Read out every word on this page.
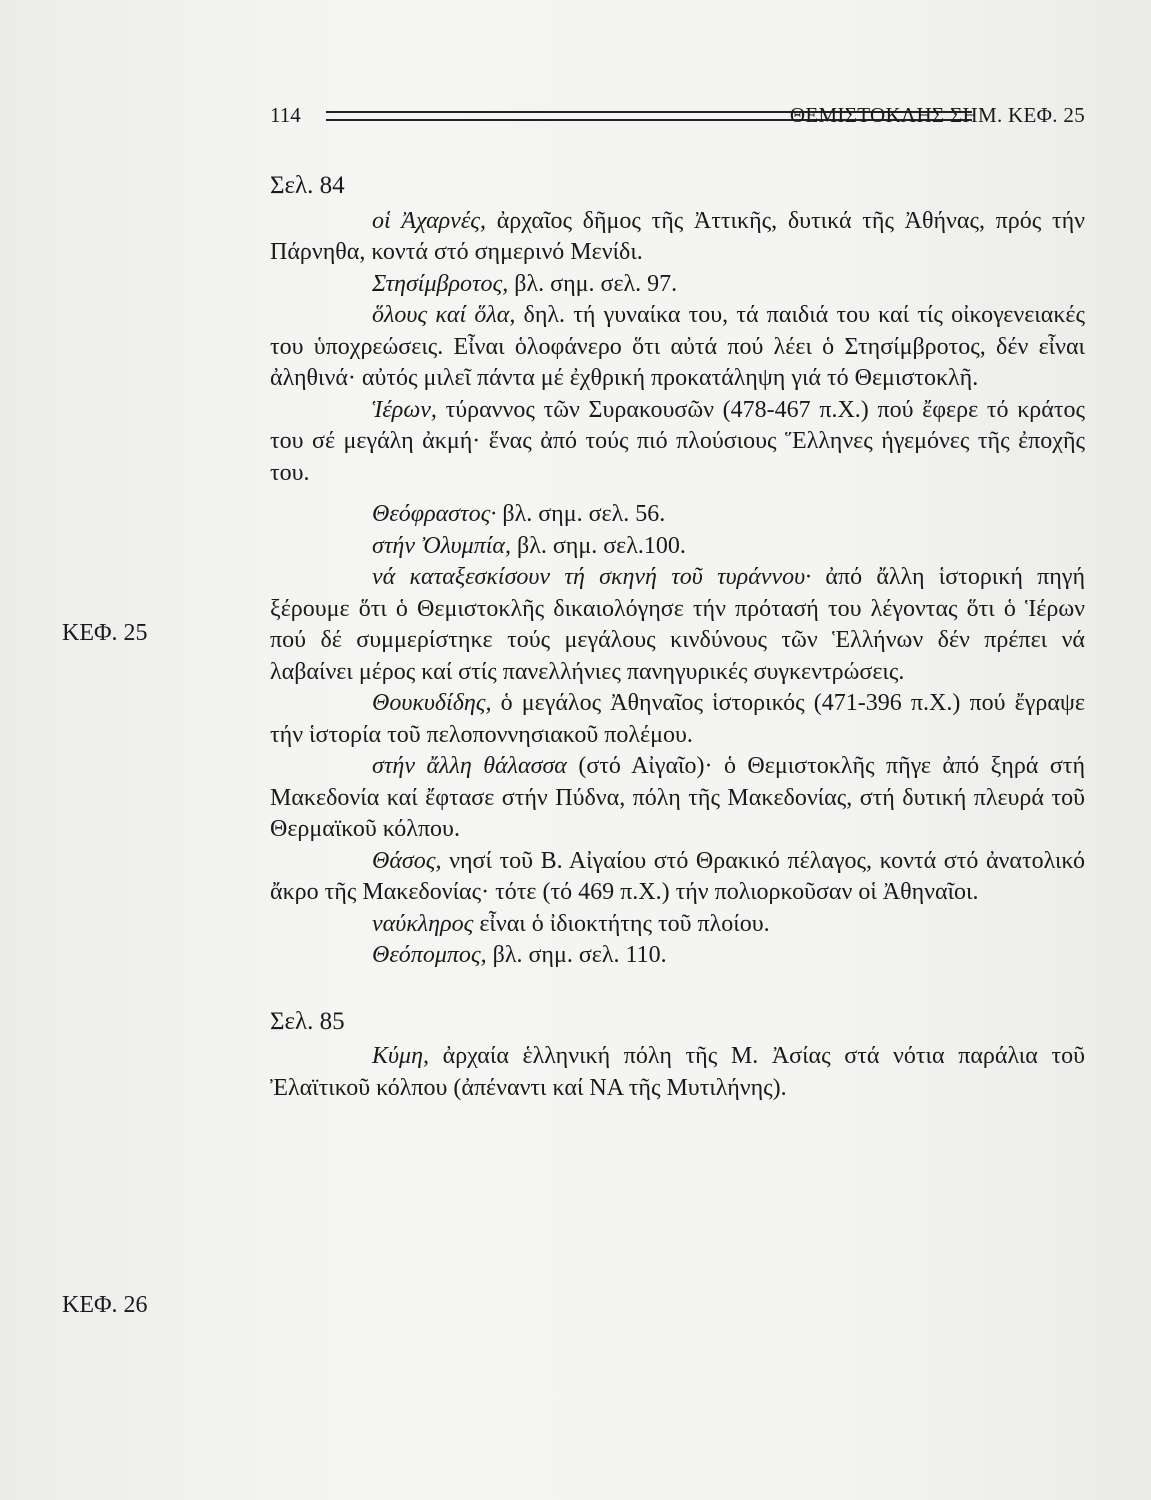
114	ΘΕΜΙΣΤΟΚΛΗΣ ΣΗΜ. ΚΕΦ. 25
ΚΕΦ. 25
ΚΕΦ. 26
Σελ. 84

οἱ Ἀχαρνές, ἀρχαῖος δῆμος τῆς Ἀττικῆς, δυτικά τῆς Ἀθήνας, πρός τήν Πάρνηθα, κοντά στό σημερινό Μενίδι.

Στησίμβροτος, βλ. σημ. σελ. 97.

ὅλους καί ὅλα, δηλ. τή γυναίκα του, τά παιδιά του καί τίς οἰκογενειακές του ὑποχρεώσεις. Εἶναι ὁλοφάνερο ὅτι αὐτά πού λέει ὁ Στησίμβροτος, δέν εἶναι ἀληθινά· αὐτός μιλεῖ πάντα μέ ἐχθρική προκατάληψη γιά τό Θεμιστοκλῆ.

Ἱέρων, τύραννος τῶν Συρακουσῶν (478-467 π.Χ.) πού ἔφερε τό κράτος του σέ μεγάλη ἀκμή· ἕνας ἀπό τούς πιό πλούσιους Ἕλληνες ἡγεμόνες τῆς ἐποχῆς του.

Θεόφραστος· βλ. σημ. σελ. 56.

στήν Ὀλυμπία, βλ. σημ. σελ.100.

νά καταξεσκίσουν τή σκηνή τοῦ τυράννου· ἀπό ἄλλη ἱστορική πηγή ξέρουμε ὅτι ὁ Θεμιστοκλῆς δικαιολόγησε τήν πρότασή του λέγοντας ὅτι ὁ Ἱέρων πού δέ συμμερίστηκε τούς μεγάλους κινδύνους τῶν Ἑλλήνων δέν πρέπει νά λαβαίνει μέρος καί στίς πανελλήνιες πανηγυρικές συγκεντρώσεις.

Θουκυδίδης, ὁ μεγάλος Ἀθηναῖος ἱστορικός (471-396 π.Χ.) πού ἔγραψε τήν ἱστορία τοῦ πελοποννησιακοῦ πολέμου.

στήν ἄλλη θάλασσα (στό Αἰγαῖο)· ὁ Θεμιστοκλῆς πῆγε ἀπό ξηρά στή Μακεδονία καί ἔφτασε στήν Πύδνα, πόλη τῆς Μακεδονίας, στή δυτική πλευρά τοῦ Θερμαϊκοῦ κόλπου.

Θάσος, νησί τοῦ Β. Αἰγαίου στό Θρακικό πέλαγος, κοντά στό ἀνατολικό ἄκρο τῆς Μακεδονίας· τότε (τό 469 π.Χ.) τήν πολιορκοῦσαν οἱ Ἀθηναῖοι.

ναύκληρος εἶναι ὁ ἰδιοκτήτης τοῦ πλοίου.

Θεόπομπος, βλ. σημ. σελ. 110.

Σελ. 85

Κύμη, ἀρχαία ἑλληνική πόλη τῆς Μ. Ἀσίας στά νότια παράλια τοῦ Ἐλαϊτικοῦ κόλπου (ἀπέναντι καί ΝΑ τῆς Μυτιλήνης).
